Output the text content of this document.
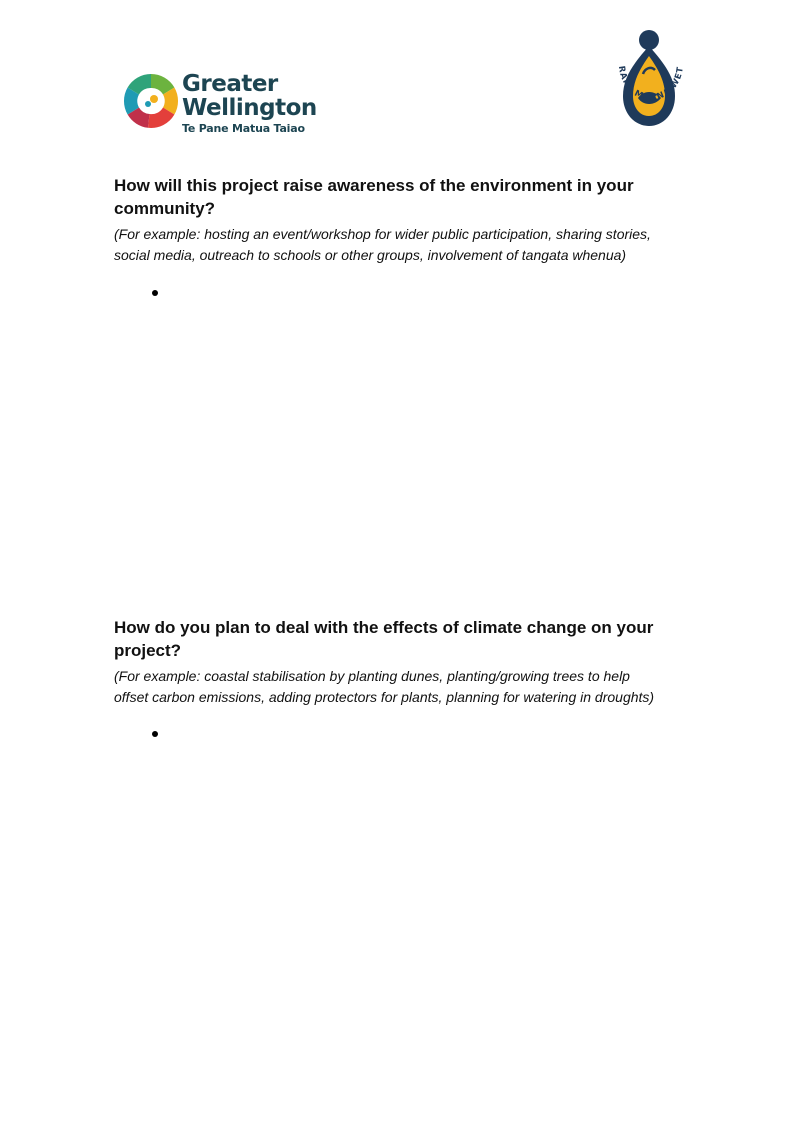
Greater
Wellington
Te Pane Matua Taiao
RAPA MOANA WET

How will this project raise awareness of the environment in your
community?

(For example: hosting an event/workshop for wider public participation, sharing stories,
social media, outreach to schools or other groups, involvement of tangata whenua)

How do you plan to deal with the effects of climate change on your
project?

(For example: coastal stabilisation by planting dunes, planting/growing trees to help
offset carbon emissions, adding protectors for plants, planning for watering in droughts)
